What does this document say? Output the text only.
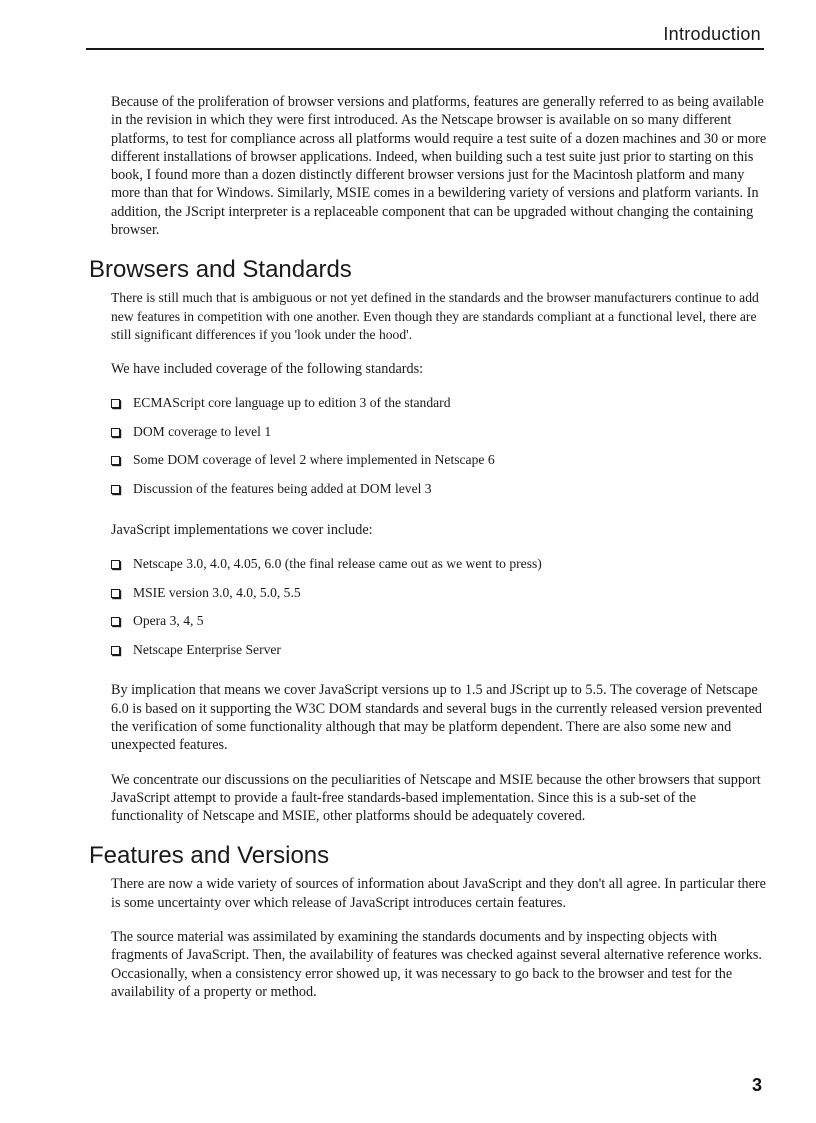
Introduction

Because of the proliferation of browser versions and platforms, features are generally referred to as being available in the revision in which they were first introduced. As the Netscape browser is available on so many different platforms, to test for compliance across all platforms would require a test suite of a dozen machines and 30 or more different installations of browser applications. Indeed, when building such a test suite just prior to starting on this book, I found more than a dozen distinctly different browser versions just for the Macintosh platform and many more than that for Windows. Similarly, MSIE comes in a bewildering variety of versions and platform variants. In addition, the JScript interpreter is a replaceable component that can be upgraded without changing the containing browser.

Browsers and Standards

There is still much that is ambiguous or not yet defined in the standards and the browser manufacturers continue to add new features in competition with one another. Even though they are standards compliant at a functional level, there are still significant differences if you 'look under the hood'.

We have included coverage of the following standards:

ECMAScript core language up to edition 3 of the standard
DOM coverage to level 1
Some DOM coverage of level 2 where implemented in Netscape 6
Discussion of the features being added at DOM level 3

JavaScript implementations we cover include:

Netscape 3.0, 4.0, 4.05, 6.0 (the final release came out as we went to press)
MSIE version 3.0, 4.0, 5.0, 5.5
Opera 3, 4, 5
Netscape Enterprise Server

By implication that means we cover JavaScript versions up to 1.5 and JScript up to 5.5. The coverage of Netscape 6.0 is based on it supporting the W3C DOM standards and several bugs in the currently released version prevented the verification of some functionality although that may be platform dependent. There are also some new and unexpected features.

We concentrate our discussions on the peculiarities of Netscape and MSIE because the other browsers that support JavaScript attempt to provide a fault-free standards-based implementation. Since this is a sub-set of the functionality of Netscape and MSIE, other platforms should be adequately covered.

Features and Versions

There are now a wide variety of sources of information about JavaScript and they don't all agree. In particular there is some uncertainty over which release of JavaScript introduces certain features.

The source material was assimilated by examining the standards documents and by inspecting objects with fragments of JavaScript. Then, the availability of features was checked against several alternative reference works. Occasionally, when a consistency error showed up, it was necessary to go back to the browser and test for the availability of a property or method.

3
